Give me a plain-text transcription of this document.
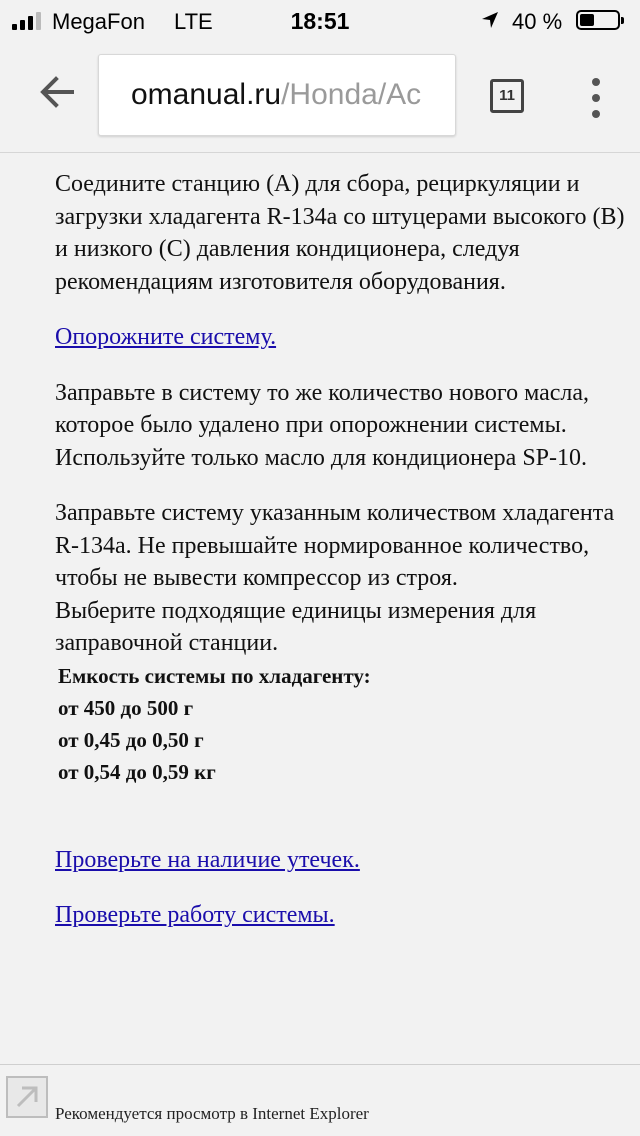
MegaFon LTE	18:51	40 %
omanual.ru/Honda/Ac	11

Соедините станцию (А) для сбора, рециркуляции и загрузки хладагента R-134a со штуцерами высокого (В) и низкого (С) давления кондиционера, следуя рекомендациям изготовителя оборудования.

Опорожните систему.

Заправьте в систему то же количество нового масла, которое было удалено при опорожнении системы. Используйте только масло для кондиционера SP-10.

Заправьте систему указанным количеством хладагента R-134a. Не превышайте нормированное количество, чтобы не вывести компрессор из строя.

Выберите подходящие единицы измерения для заправочной станции.

Емкость системы по хладагенту:
от 450 до 500 г
от 0,45 до 0,50 г
от 0,54 до 0,59 кг
Проверьте на наличие утечек.
Проверьте работу системы.
Рекомендуется просмотр в Internet Explorer
